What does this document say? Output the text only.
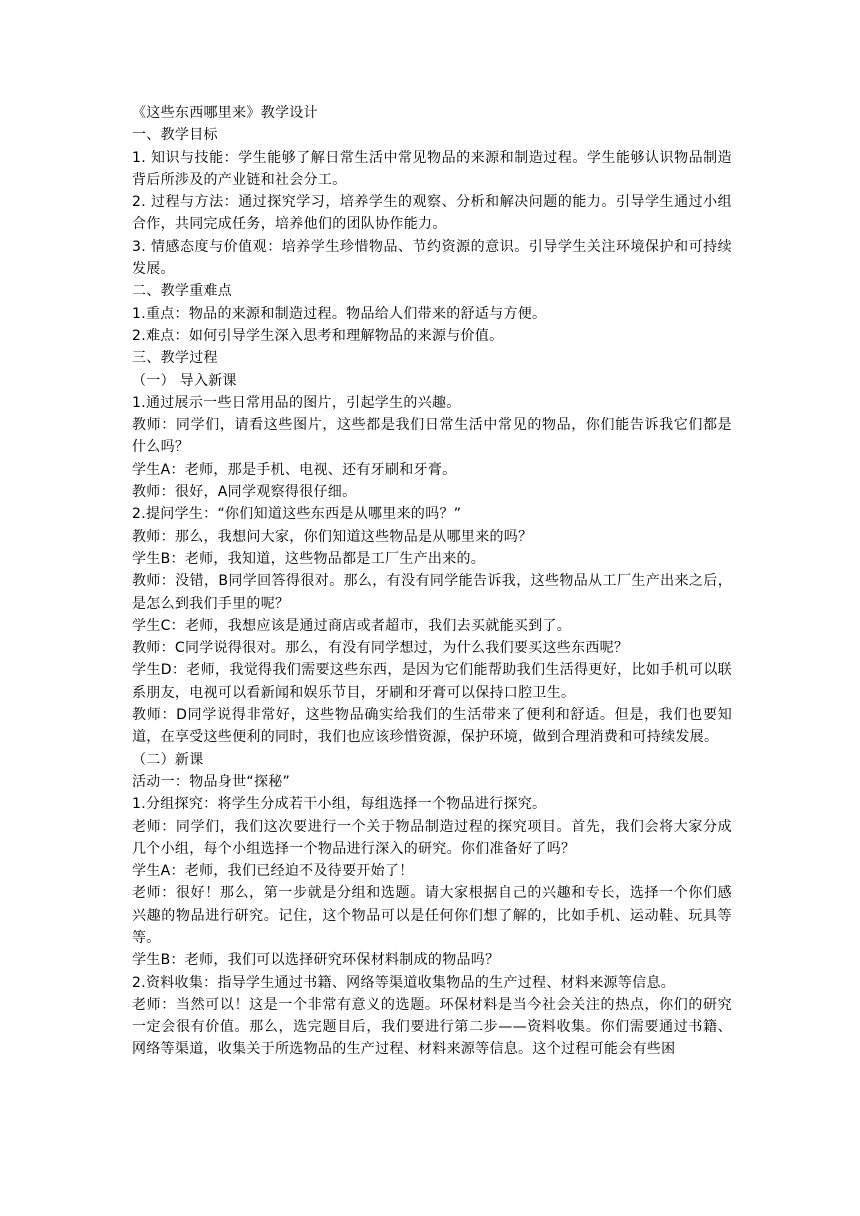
《这些东西哪里来》教学设计

一、教学目标

1. 知识与技能：学生能够了解日常生活中常见物品的来源和制造过程。学生能够认识物品制造背后所涉及的产业链和社会分工。

2. 过程与方法：通过探究学习，培养学生的观察、分析和解决问题的能力。引导学生通过小组合作，共同完成任务，培养他们的团队协作能力。

3. 情感态度与价值观：培养学生珍惜物品、节约资源的意识。引导学生关注环境保护和可持续发展。

二、教学重难点

1.重点：物品的来源和制造过程。物品给人们带来的舒适与方便。

2.难点：如何引导学生深入思考和理解物品的来源与价值。

三、教学过程

（一） 导入新课

1.通过展示一些日常用品的图片，引起学生的兴趣。

教师：同学们，请看这些图片，这些都是我们日常生活中常见的物品，你们能告诉我它们都是什么吗？

学生A：老师，那是手机、电视、还有牙刷和牙膏。

教师：很好，A同学观察得很仔细。

2.提问学生：“你们知道这些东西是从哪里来的吗？”

教师：那么，我想问大家，你们知道这些物品是从哪里来的吗？

学生B：老师，我知道，这些物品都是工厂生产出来的。

教师：没错，B同学回答得很对。那么，有没有同学能告诉我，这些物品从工厂生产出来之后，是怎么到我们手里的呢？

学生C：老师，我想应该是通过商店或者超市，我们去买就能买到了。

教师：C同学说得很对。那么，有没有同学想过，为什么我们要买这些东西呢？

学生D：老师，我觉得我们需要这些东西，是因为它们能帮助我们生活得更好，比如手机可以联系朋友，电视可以看新闻和娱乐节目，牙刷和牙膏可以保持口腔卫生。

教师：D同学说得非常好，这些物品确实给我们的生活带来了便利和舒适。但是，我们也要知道，在享受这些便利的同时，我们也应该珍惜资源，保护环境，做到合理消费和可持续发展。

（二）新课

活动一：物品身世“探秘”

1.分组探究：将学生分成若干小组，每组选择一个物品进行探究。

老师：同学们，我们这次要进行一个关于物品制造过程的探究项目。首先，我们会将大家分成几个小组，每个小组选择一个物品进行深入的研究。你们准备好了吗？

学生A：老师，我们已经迫不及待要开始了！

老师：很好！那么，第一步就是分组和选题。请大家根据自己的兴趣和专长，选择一个你们感兴趣的物品进行研究。记住，这个物品可以是任何你们想了解的，比如手机、运动鞋、玩具等等。

学生B：老师，我们可以选择研究环保材料制成的物品吗？

2.资料收集：指导学生通过书籍、网络等渠道收集物品的生产过程、材料来源等信息。

老师：当然可以！这是一个非常有意义的选题。环保材料是当今社会关注的热点，你们的研究一定会很有价值。那么，选完题目后，我们要进行第二步——资料收集。你们需要通过书籍、网络等渠道，收集关于所选物品的生产过程、材料来源等信息。这个过程可能会有些困
